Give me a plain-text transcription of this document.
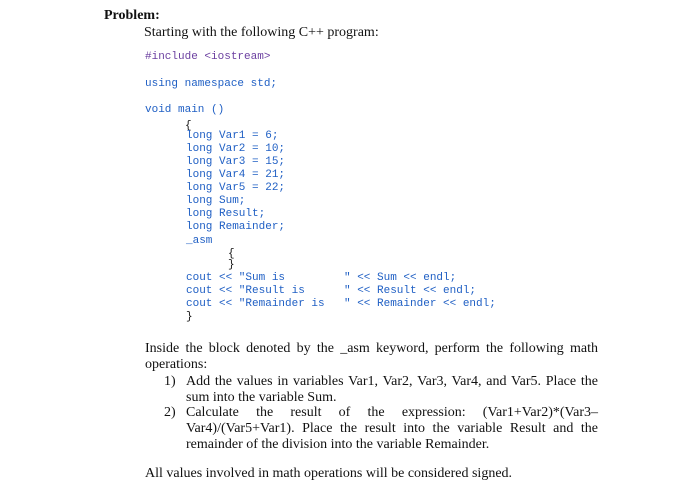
Problem:
Starting with the following C++ program:
#include <iostream>
using namespace std;
void main ()
{
long Var1 = 6;
long Var2 = 10;
long Var3 = 15;
long Var4 = 21;
long Var5 = 22;
long Sum;
long Result;
long Remainder;
_asm
{
}
cout << "Sum is	" << Sum << endl;
cout << "Result is	" << Result << endl;
cout << "Remainder is " << Remainder << endl;
}
Inside the block denoted by the _asm keyword, perform the following math operations:
1) Add the values in variables Var1, Var2, Var3, Var4, and Var5. Place the sum into the variable Sum.
2) Calculate the result of the expression: (Var1+Var2)*(Var3–Var4)/(Var5+Var1). Place the result into the variable Result and the remainder of the division into the variable Remainder.
All values involved in math operations will be considered signed.
